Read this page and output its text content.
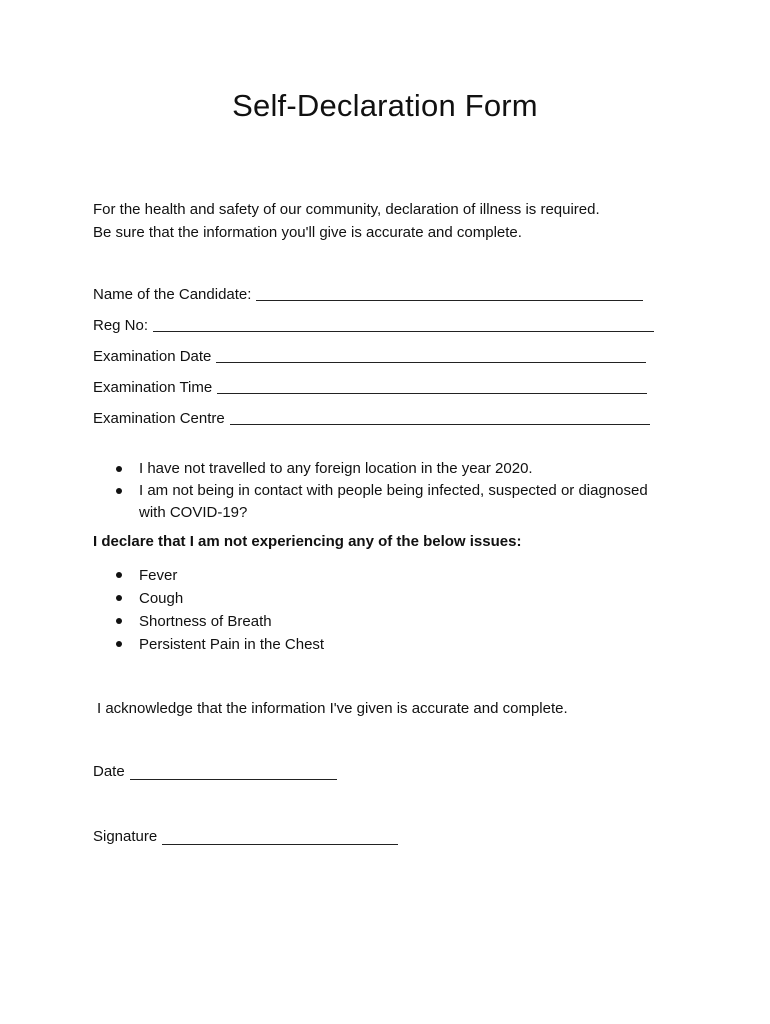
Self-Declaration Form
For the health and safety of our community, declaration of illness is required.
Be sure that the information you'll give is accurate and complete.
Name of the Candidate:
Reg No:
Examination Date
Examination Time
Examination Centre
I have not travelled to any foreign location in the year 2020.
I am not being in contact with people being infected, suspected or diagnosed with COVID-19?
I declare that I am not experiencing any of the below issues:
Fever
Cough
Shortness of Breath
Persistent Pain in the Chest
I acknowledge that the information I've given is accurate and complete.
Date
Signature
